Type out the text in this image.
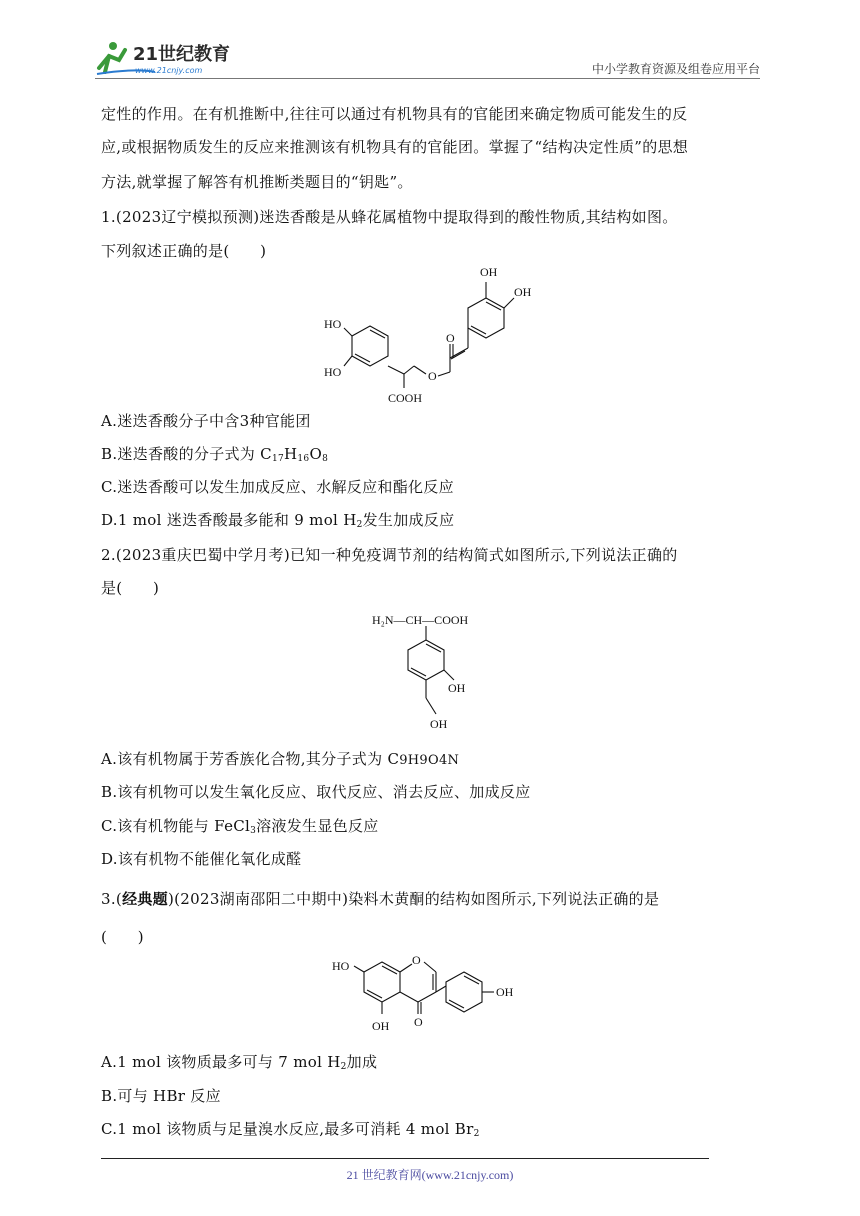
21世纪教育
www.21cnjy.com	中小学教育资源及组卷应用平台
定性的作用。在有机推断中,往往可以通过有机物具有的官能团来确定物质可能发生的反
应,或根据物质发生的反应来推测该有机物具有的官能团。掌握了“结构决定性质”的思想
方法,就掌握了解答有机推断类题目的“钥匙”。
1.(2023辽宁模拟预测)迷迭香酸是从蜂花属植物中提取得到的酸性物质,其结构如图。
下列叙述正确的是(　　)
OH
OH
O
O
COOH
HO
HO
A.迷迭香酸分子中含3种官能团
B.迷迭香酸的分子式为 $C_{17}H_{16}O_8$
C.迷迭香酸可以发生加成反应、水解反应和酯化反应
D.1 mol 迷迭香酸最多能和 9 mol $H_2$发生加成反应
2.(2023重庆巴蜀中学月考)已知一种免疫调节剂的结构简式如图所示,下列说法正确的
是(　　)
H₂N—CH—COOH
OH
OH
A.该有机物属于芳香族化合物,其分子式为 C9H9O4N
B.该有机物可以发生氧化反应、取代反应、消去反应、加成反应
C.该有机物能与 FeCl$_3$溶液发生显色反应
D.该有机物不能催化氧化成醛
3.(经典题)(2023湖南邵阳二中期中)染料木黄酮的结构如图所示,下列说法正确的是
(　　)
HO	O
O
OH
OH
A.1 mol 该物质最多可与 7 mol $H_2$加成
B.可与 HBr 反应
C.1 mol 该物质与足量溴水反应,最多可消耗 4 mol $Br_2$
21 世纪教育网(www.21cnjy.com)
